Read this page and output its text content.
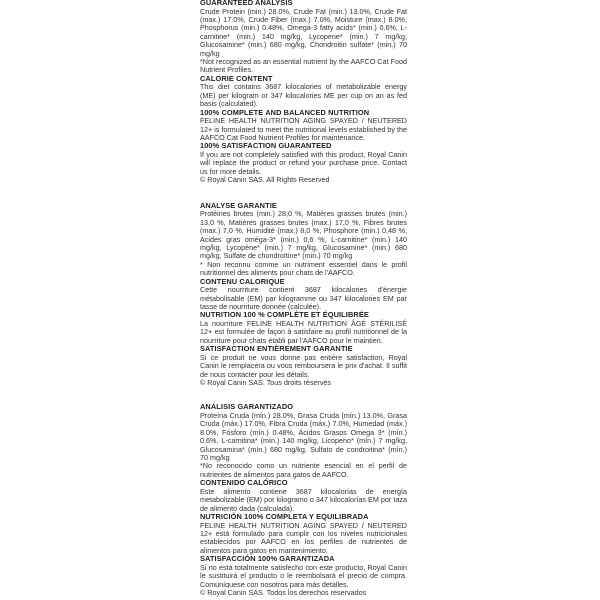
GUARANTEED ANALYSIS

Crude Protein (min.) 28.0%, Crude Fat (min.) 13.0%, Crude Fat (max.) 17.0%, Crude Fiber (max.) 7.0%, Moisture (max.) 8.0%, Phosphorus (min.) 0.48%, Omega-3 fatty acids* (min.) 0.6%, L-carnitine* (min.) 140 mg/kg, Lycopene* (min.) 7 mg/kg, Glucosamine* (min.) 680 mg/kg, Chondroitin sulfate* (min.) 70 mg/kg

*Not recognized as an essential nutrient by the AAFCO Cat Food Nutrient Profiles.

CALORIE CONTENT

This diet contains 3687 kilocalories of metabolizable energy (ME) per kilogram or 347 kilocalories ME per cup on an as fed basis (calculated).

100% COMPLETE AND BALANCED NUTRITION

FELINE HEALTH NUTRITION AGING SPAYED / NEUTERED 12+ is formulated to meet the nutritional levels established by the AAFCO Cat Food Nutrient Profiles for maintenance.

100% SATISFACTION GUARANTEED

If you are not completely satisfied with this product, Royal Canin will replace the product or refund your purchase price. Contact us for more details.

© Royal Canin SAS. All Rights Reserved

ANALYSE GARANTIE

Protéines brutes (min.) 28,0 %, Matières grasses brutes (min.) 13,0 %, Matières grasses brutes (max.) 17,0 %, Fibres brutes (max.) 7,0 %, Humidité (max.) 8,0 %, Phosphore (min.) 0,48 %, Acides gras oméga-3* (min.) 0,6 %, L-carnitine* (min.) 140 mg/kg, Lycopène* (min.) 7 mg/kg, Glucosamine* (min.) 680 mg/kg, Sulfate de chondroïtine* (min.) 70 mg/kg

* Non reconnu comme un nutriment essentiel dans le profil nutritionnel des aliments pour chats de l'AAFCO.

CONTENU CALORIQUE

Cette nourriture contient 3687 kilocalories d'énergie métabolisable (EM) par kilogramme ou 347 kilocalories EM par tasse de nourriture donnée (calculée).

NUTRITION 100 % COMPLÈTE ET ÉQUILIBRÉE

La nourriture FELINE HEALTH NUTRITION ÂGÉ STÉRILISÉ 12+ est formulée de façon à satisfaire au profil nutritionnel de la nourriture pour chats établi par l'AAFCO pour le maintien.

SATISFACTION ENTIÈREMENT GARANTIE

Si ce produit ne vous donne pas entière satisfaction, Royal Canin le remplacera ou vous remboursera le prix d'achat. Il suffit de nous contacter pour les détails.

© Royal Canin SAS. Tous droits réservés

ANÁLISIS GARANTIZADO

Proteína Cruda (mín.) 28.0%, Grasa Cruda (mín.) 13.0%, Grasa Cruda (máx.) 17.0%, Fibra Cruda (máx.) 7.0%, Humedad (máx.) 8.0%, Fósforo (mín.) 0.48%, Ácidos Grasos Omega 3* (mín.) 0.6%, L-carnitina* (mín.) 140 mg/kg, Licopeno* (mín.) 7 mg/kg, Glucosamina* (mín.) 680 mg/kg, Sulfato de condroitina* (mín.) 70 mg/kg

*No reconocido como un nutriente esencial en el perfil de nutrientes de alimentos para gatos de AAFCO.

CONTENIDO CALÓRICO

Este alimento contiene 3687 kilocalorías de energía metabolizable (EM) por kilogramo o 347 kilocalorías EM por taza de alimento dada (calculada).

NUTRICIÓN 100% COMPLETA Y EQUILIBRADA

FELINE HEALTH NUTRITION AGING SPAYED / NEUTERED 12+ está formulado para cumplir con los niveles nutricionales establecidos por AAFCO en los perfiles de nutrientes de alimentos para gatos en mantenimiento.

SATISFACCIÓN 100% GARANTIZADA

Si no está totalmente satisfecho con este producto, Royal Canin le sustituirá el producto o le reembolsará el precio de compra. Comuníquese con nosotros para más detalles.

© Royal Canin SAS. Todos los derechos reservados
